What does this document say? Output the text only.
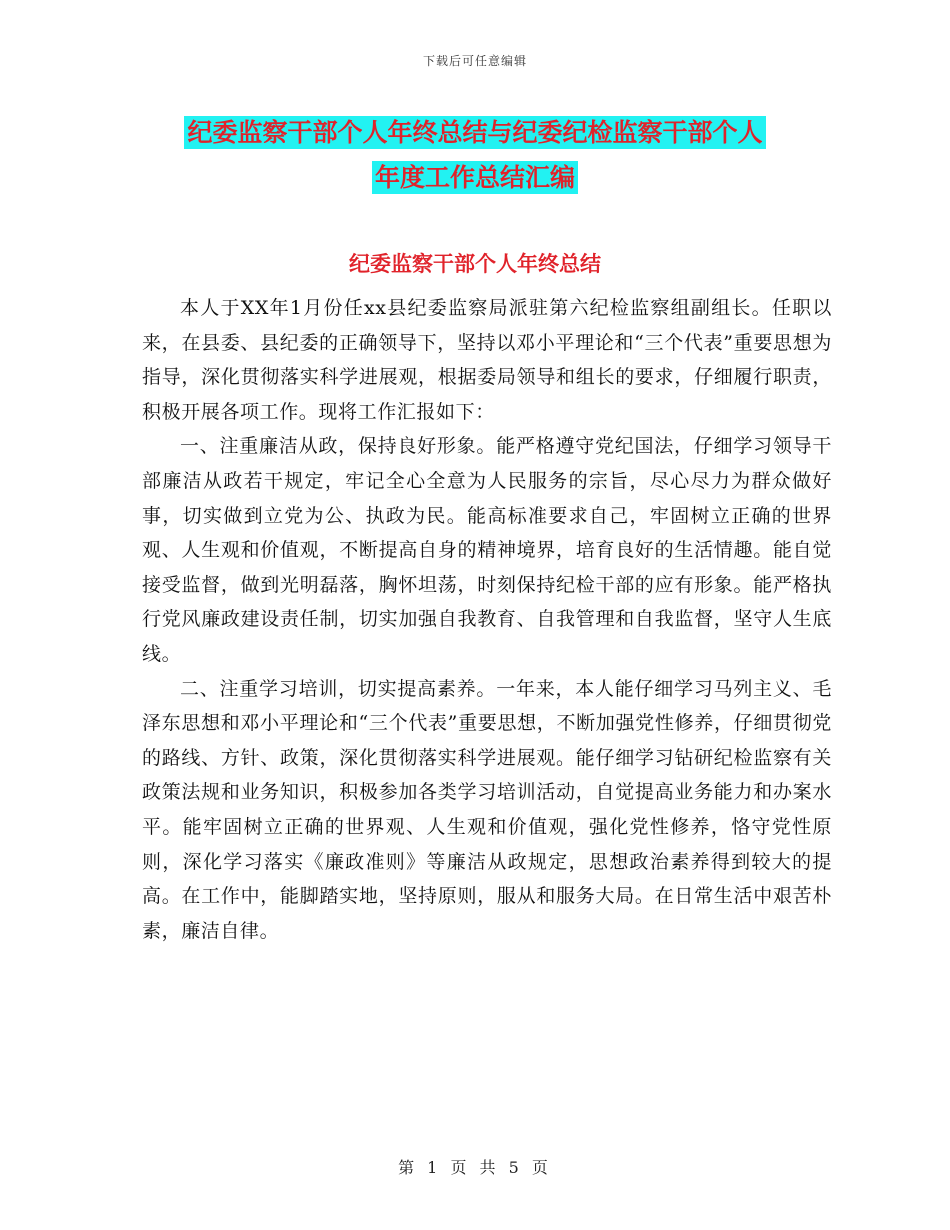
下载后可任意编辑
纪委监察干部个人年终总结与纪委纪检监察干部个人
年度工作总结汇编
纪委监察干部个人年终总结

本人于XX年1月份任xx县纪委监察局派驻第六纪检监察组副组长。任职以来，在县委、县纪委的正确领导下，坚持以邓小平理论和“三个代表”重要思想为指导，深化贯彻落实科学进展观，根据委局领导和组长的要求，仔细履行职责，积极开展各项工作。现将工作汇报如下：

一、注重廉洁从政，保持良好形象。能严格遵守党纪国法，仔细学习领导干部廉洁从政若干规定，牢记全心全意为人民服务的宗旨，尽心尽力为群众做好事，切实做到立党为公、执政为民。能高标准要求自己，牢固树立正确的世界观、人生观和价值观，不断提高自身的精神境界，培育良好的生活情趣。能自觉接受监督，做到光明磊落，胸怀坦荡，时刻保持纪检干部的应有形象。能严格执行党风廉政建设责任制，切实加强自我教育、自我管理和自我监督，坚守人生底线。

二、注重学习培训，切实提高素养。一年来，本人能仔细学习马列主义、毛泽东思想和邓小平理论和“三个代表”重要思想，不断加强党性修养，仔细贯彻党的路线、方针、政策，深化贯彻落实科学进展观。能仔细学习钻研纪检监察有关政策法规和业务知识，积极参加各类学习培训活动，自觉提高业务能力和办案水平。能牢固树立正确的世界观、人生观和价值观，强化党性修养，恪守党性原则，深化学习落实《廉政准则》等廉洁从政规定，思想政治素养得到较大的提高。在工作中，能脚踏实地，坚持原则，服从和服务大局。在日常生活中艰苦朴素，廉洁自律。

第 1 页 共 5 页
